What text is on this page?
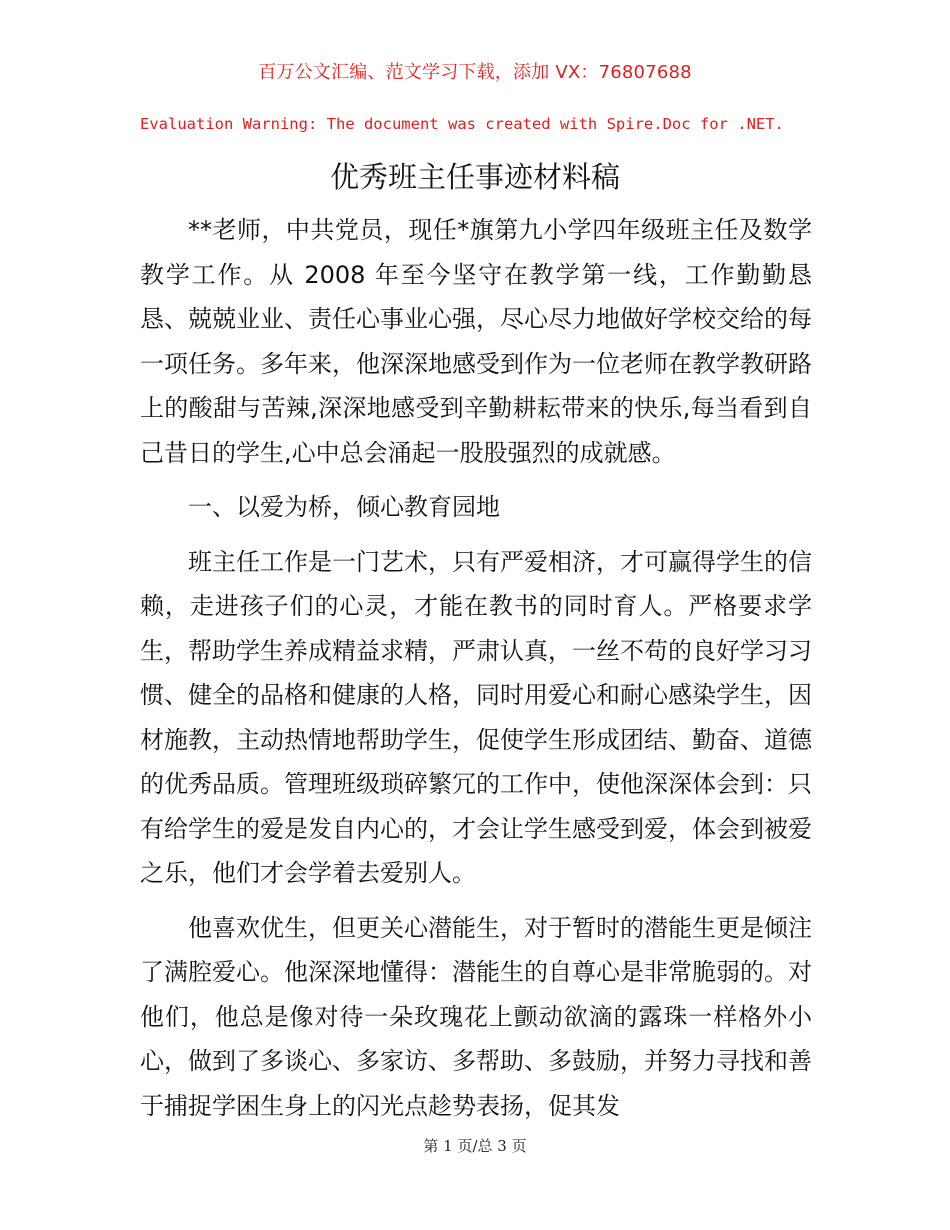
百万公文汇编、范文学习下载，添加 VX：76807688
Evaluation Warning: The document was created with Spire.Doc for .NET.
优秀班主任事迹材料稿

**老师，中共党员，现任*旗第九小学四年级班主任及数学教学工作。从 2008 年至今坚守在教学第一线，工作勤勤恳恳、兢兢业业、责任心事业心强，尽心尽力地做好学校交给的每一项任务。多年来，他深深地感受到作为一位老师在教学教研路上的酸甜与苦辣,深深地感受到辛勤耕耘带来的快乐,每当看到自己昔日的学生,心中总会涌起一股股强烈的成就感。

一、以爱为桥，倾心教育园地

班主任工作是一门艺术，只有严爱相济，才可赢得学生的信赖，走进孩子们的心灵，才能在教书的同时育人。严格要求学生，帮助学生养成精益求精，严肃认真，一丝不苟的良好学习习惯、健全的品格和健康的人格，同时用爱心和耐心感染学生，因材施教，主动热情地帮助学生，促使学生形成团结、勤奋、道德的优秀品质。管理班级琐碎繁冗的工作中，使他深深体会到：只有给学生的爱是发自内心的，才会让学生感受到爱，体会到被爱之乐，他们才会学着去爱别人。

他喜欢优生，但更关心潜能生，对于暂时的潜能生更是倾注了满腔爱心。他深深地懂得：潜能生的自尊心是非常脆弱的。对他们，他总是像对待一朵玫瑰花上颤动欲滴的露珠一样格外小心，做到了多谈心、多家访、多帮助、多鼓励，并努力寻找和善于捕捉学困生身上的闪光点趁势表扬，促其发

第 1 页/总 3 页
